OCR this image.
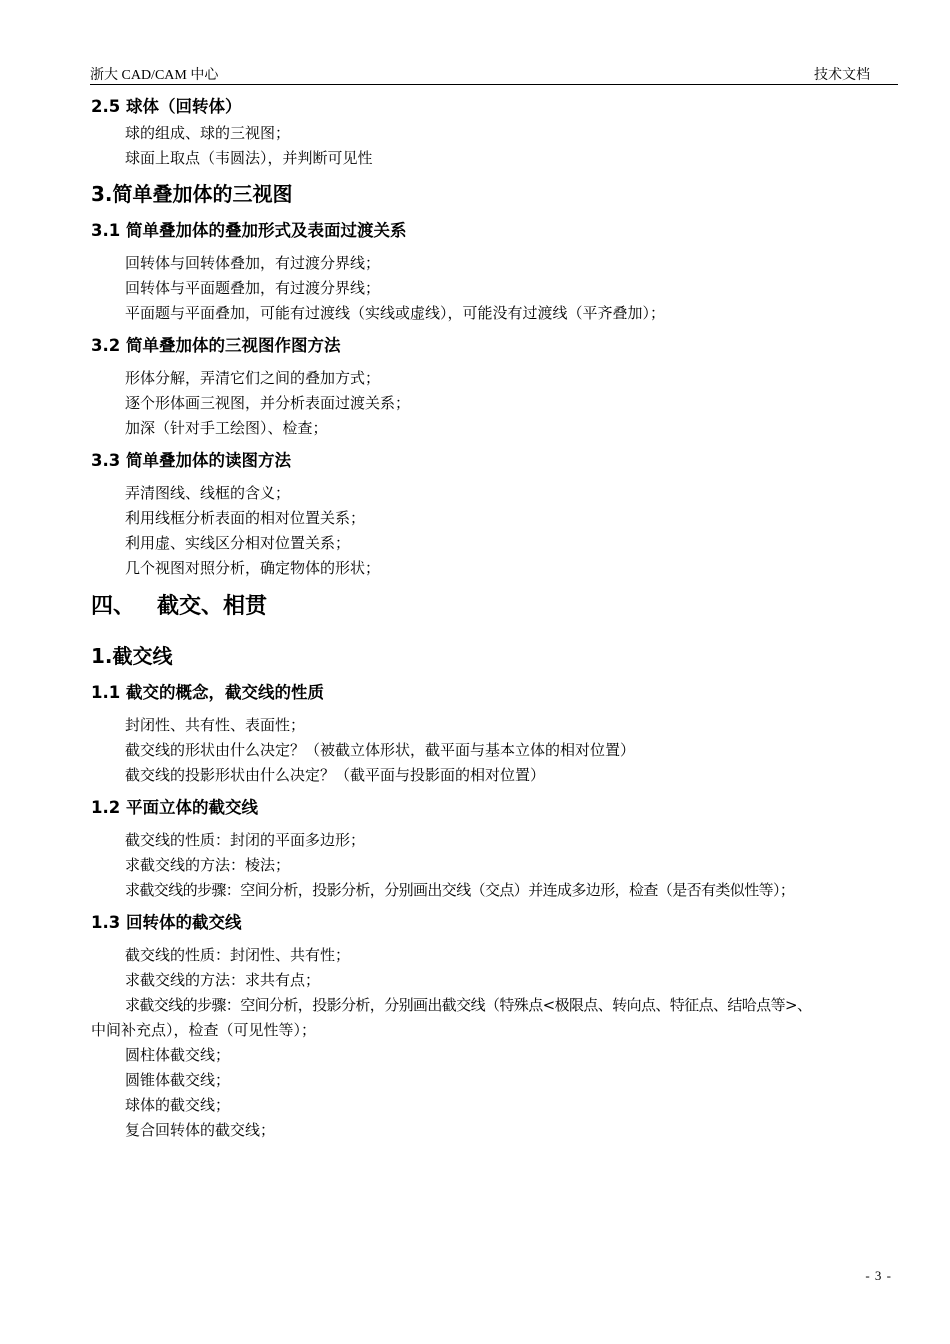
浙大 CAD/CAM 中心	技术文档

2.5 球体（回转体）

球的组成、球的三视图；

球面上取点（韦圆法），并判断可见性

3.简单叠加体的三视图

3.1 简单叠加体的叠加形式及表面过渡关系

回转体与回转体叠加，有过渡分界线；

回转体与平面题叠加，有过渡分界线；

平面题与平面叠加，可能有过渡线（实线或虚线），可能没有过渡线（平齐叠加）；

3.2 简单叠加体的三视图作图方法

形体分解，弄清它们之间的叠加方式；

逐个形体画三视图，并分析表面过渡关系；

加深（针对手工绘图）、检查；

3.3 简单叠加体的读图方法

弄清图线、线框的含义；

利用线框分析表面的相对位置关系；

利用虚、实线区分相对位置关系；

几个视图对照分析，确定物体的形状；

四、 截交、相贯

1.截交线

1.1 截交的概念，截交线的性质

封闭性、共有性、表面性；

截交线的形状由什么决定？（被截立体形状，截平面与基本立体的相对位置）

截交线的投影形状由什么决定？（截平面与投影面的相对位置）

1.2 平面立体的截交线

截交线的性质：封闭的平面多边形；

求截交线的方法：棱法；

求截交线的步骤：空间分析，投影分析，分别画出交线（交点）并连成多边形，检查（是否有类似性等）；

1.3 回转体的截交线

截交线的性质：封闭性、共有性；

求截交线的方法：求共有点；

求截交线的步骤：空间分析，投影分析，分别画出截交线（特殊点<极限点、转向点、特征点、结哈点等>、

中间补充点），检查（可见性等）；

圆柱体截交线；

圆锥体截交线；

球体的截交线；

复合回转体的截交线；

- 3 -
